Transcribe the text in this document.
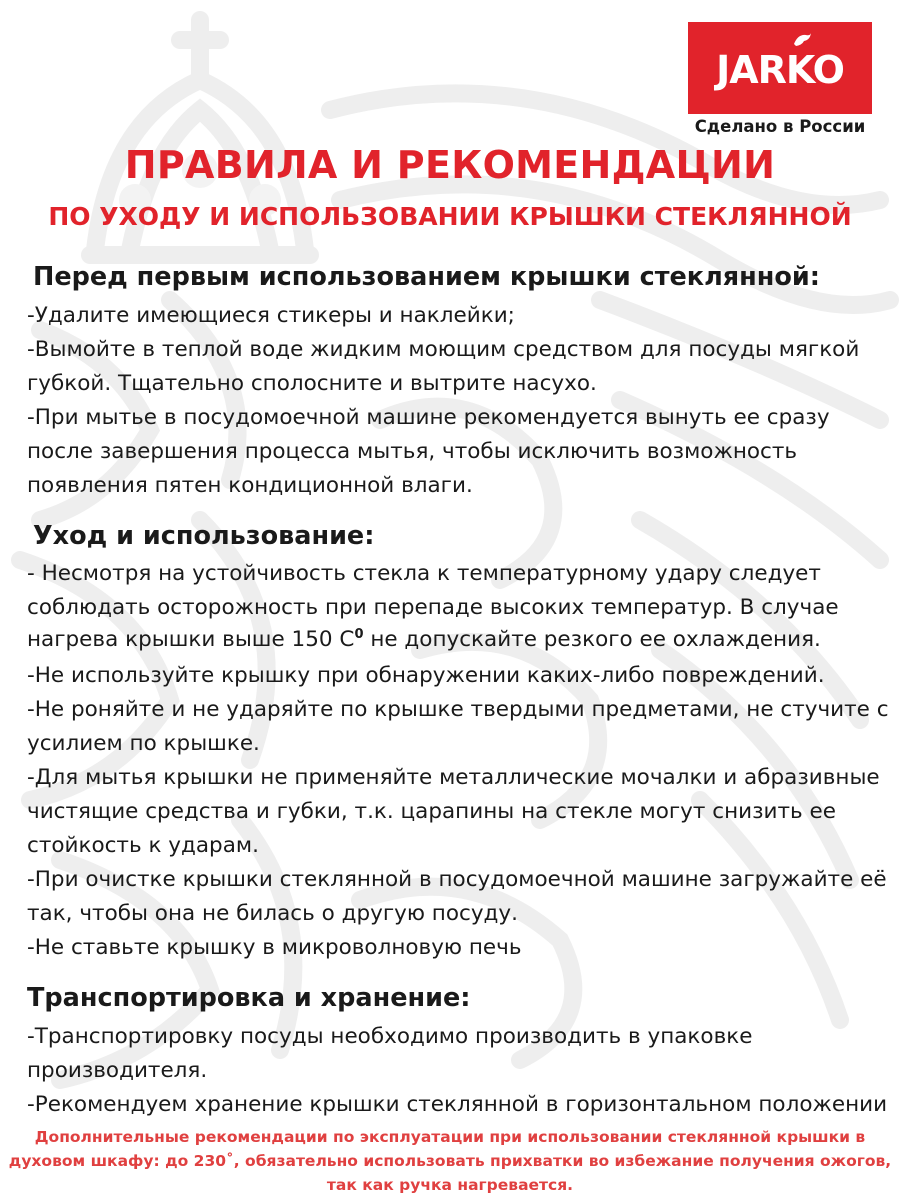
JARKO
Сделано в России
ПРАВИЛА И РЕКОМЕНДАЦИИ
ПО УХОДУ И ИСПОЛЬЗОВАНИИ КРЫШКИ СТЕКЛЯННОЙ
Перед первым использованием крышки стеклянной:
-Удалите имеющиеся стикеры и наклейки;
-Вымойте в теплой воде жидким моющим средством для посуды мягкой
губкой. Тщательно сполосните и вытрите насухо.
-При мытье в посудомоечной машине рекомендуется вынуть ее сразу
после завершения процесса мытья, чтобы исключить возможность
появления пятен кондиционной влаги.
Уход и использование:
- Несмотря на устойчивость стекла к температурному удару следует
соблюдать осторожность при перепаде высоких температур. В случае
нагрева крышки выше 150 $С^0$ не допускайте резкого ее охлаждения.
-Не используйте крышку при обнаружении каких-либо повреждений.
-Не роняйте и не ударяйте по крышке твердыми предметами, не стучите с
усилием по крышке.
-Для мытья крышки не применяйте металлические мочалки и абразивные
чистящие средства и губки, т.к. царапины на стекле могут снизить ее
стойкость к ударам.
-При очистке крышки стеклянной в посудомоечной машине загружайте её
так, чтобы она не билась о другую посуду.
-Не ставьте крышку в микроволновую печь
Транспортировка и хранение:
-Транспортировку посуды необходимо производить в упаковке
производителя.
-Рекомендуем хранение крышки стеклянной в горизонтальном положении
Дополнительные рекомендации по эксплуатации при использовании стеклянной крышки в
духовом шкафу: до 230˚, обязательно использовать прихватки во избежание получения ожогов,
так как ручка нагревается.
